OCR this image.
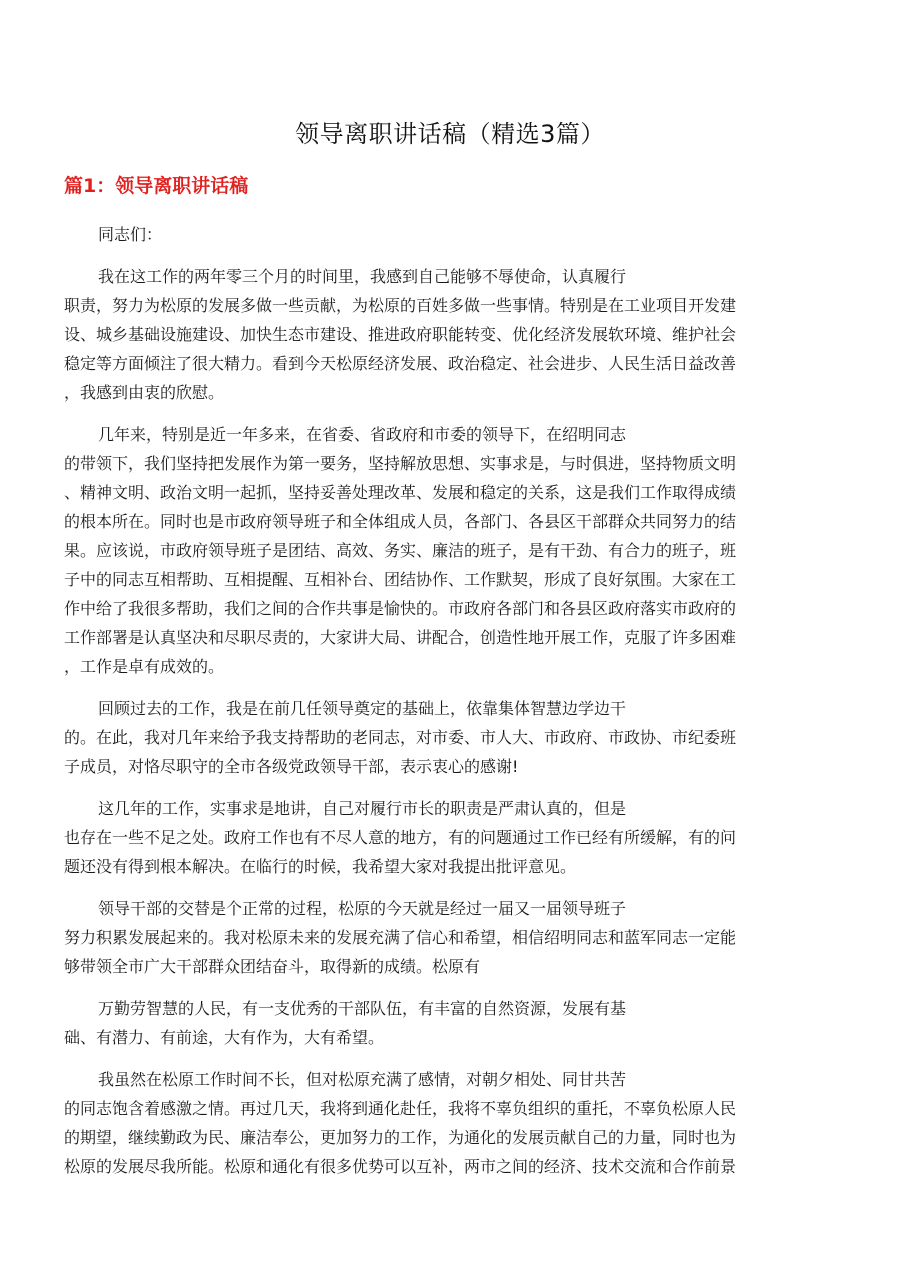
领导离职讲话稿（精选3篇）
篇1：领导离职讲话稿
同志们：
我在这工作的两年零三个月的时间里，我感到自己能够不辱使命，认真履行
职责，努力为松原的发展多做一些贡献，为松原的百姓多做一些事情。特别是在工业项目开发建
设、城乡基础设施建设、加快生态市建设、推进政府职能转变、优化经济发展软环境、维护社会
稳定等方面倾注了很大精力。看到今天松原经济发展、政治稳定、社会进步、人民生活日益改善
，我感到由衷的欣慰。
几年来，特别是近一年多来，在省委、省政府和市委的领导下，在绍明同志
的带领下，我们坚持把发展作为第一要务，坚持解放思想、实事求是，与时俱进，坚持物质文明
、精神文明、政治文明一起抓，坚持妥善处理改革、发展和稳定的关系，这是我们工作取得成绩
的根本所在。同时也是市政府领导班子和全体组成人员，各部门、各县区干部群众共同努力的结
果。应该说，市政府领导班子是团结、高效、务实、廉洁的班子，是有干劲、有合力的班子，班
子中的同志互相帮助、互相提醒、互相补台、团结协作、工作默契，形成了良好氛围。大家在工
作中给了我很多帮助，我们之间的合作共事是愉快的。市政府各部门和各县区政府落实市政府的
工作部署是认真坚决和尽职尽责的，大家讲大局、讲配合，创造性地开展工作，克服了许多困难
，工作是卓有成效的。
回顾过去的工作，我是在前几任领导奠定的基础上，依靠集体智慧边学边干
的。在此，我对几年来给予我支持帮助的老同志，对市委、市人大、市政府、市政协、市纪委班
子成员，对恪尽职守的全市各级党政领导干部，表示衷心的感谢!
这几年的工作，实事求是地讲，自己对履行市长的职责是严肃认真的，但是
也存在一些不足之处。政府工作也有不尽人意的地方，有的问题通过工作已经有所缓解，有的问
题还没有得到根本解决。在临行的时候，我希望大家对我提出批评意见。
领导干部的交替是个正常的过程，松原的今天就是经过一届又一届领导班子
努力积累发展起来的。我对松原未来的发展充满了信心和希望，相信绍明同志和蓝军同志一定能
够带领全市广大干部群众团结奋斗，取得新的成绩。松原有
万勤劳智慧的人民，有一支优秀的干部队伍，有丰富的自然资源，发展有基
础、有潜力、有前途，大有作为，大有希望。
我虽然在松原工作时间不长，但对松原充满了感情，对朝夕相处、同甘共苦
的同志饱含着感激之情。再过几天，我将到通化赴任，我将不辜负组织的重托，不辜负松原人民
的期望，继续勤政为民、廉洁奉公，更加努力的工作，为通化的发展贡献自己的力量，同时也为
松原的发展尽我所能。松原和通化有很多优势可以互补，两市之间的经济、技术交流和合作前景
